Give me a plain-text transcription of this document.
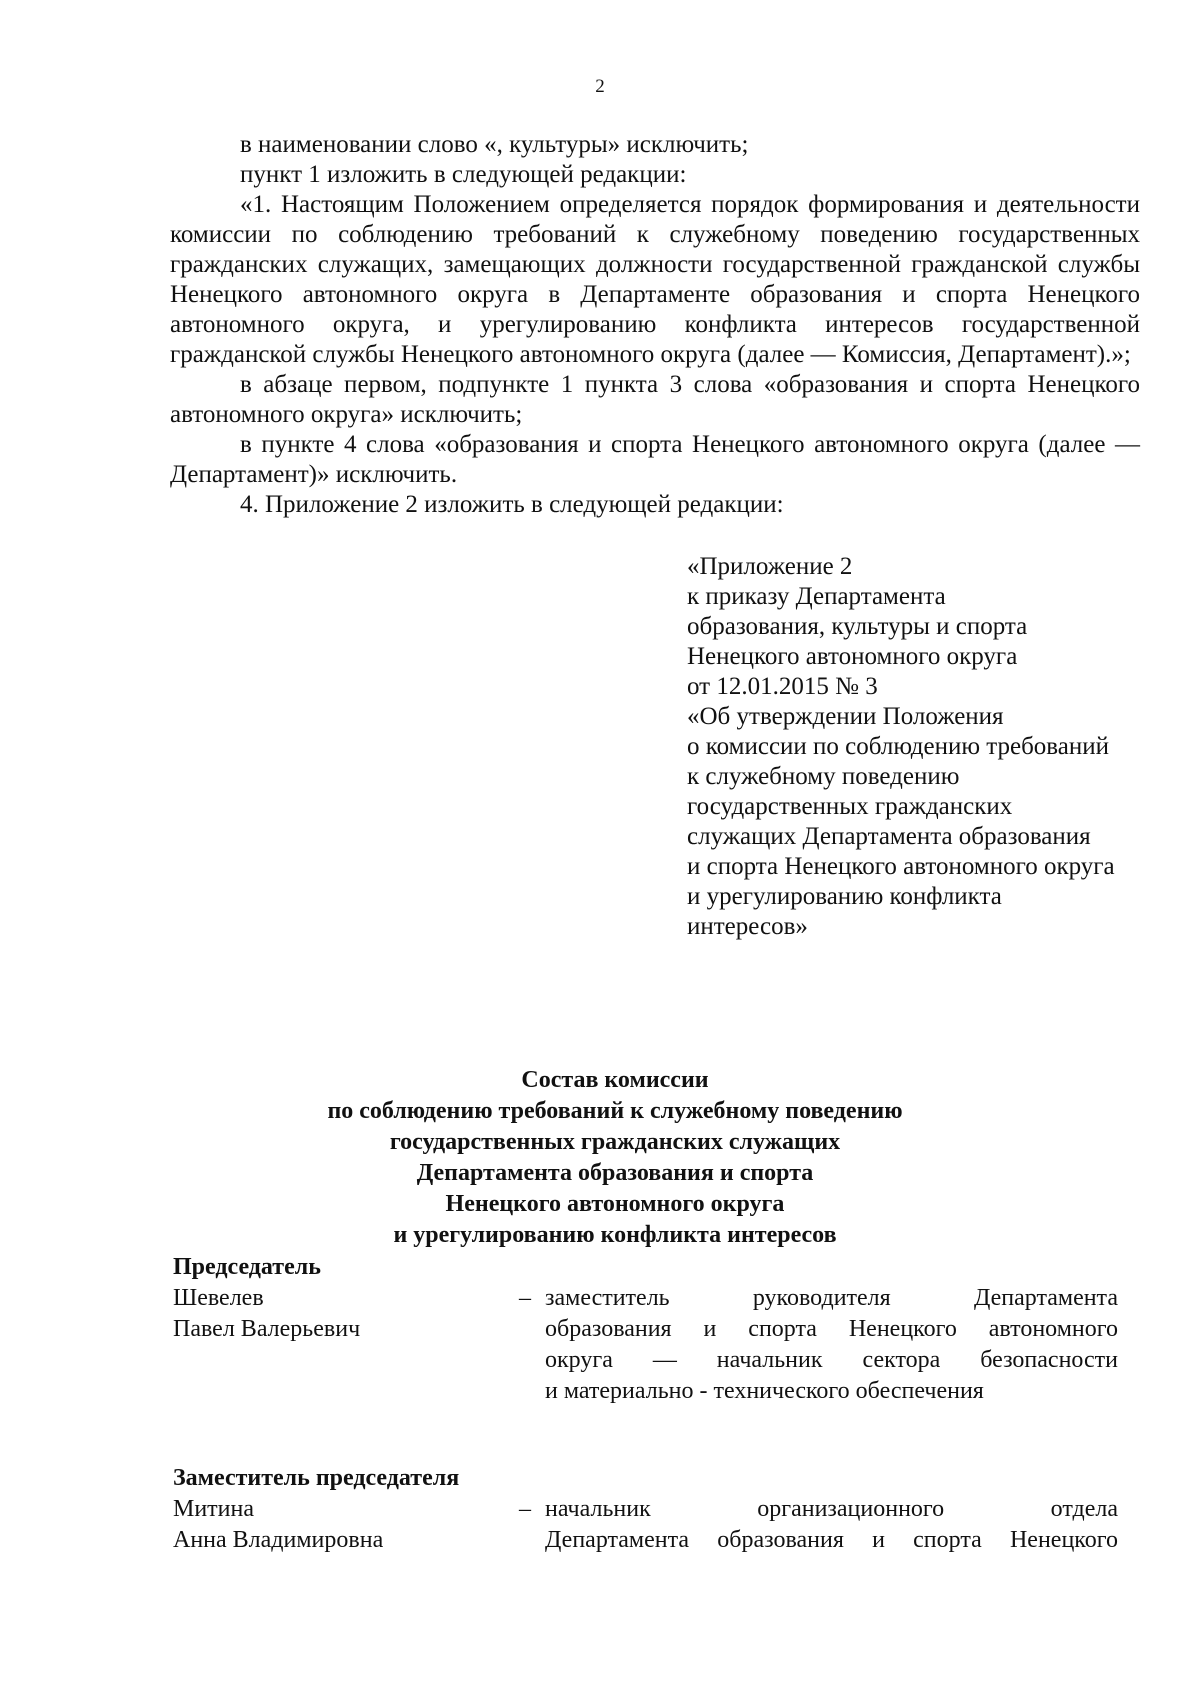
2

в наименовании слово «, культуры» исключить;

пункт 1 изложить в следующей редакции:

«1. Настоящим Положением определяется порядок формирования и деятельности комиссии по соблюдению требований к служебному поведению государственных гражданских служащих, замещающих должности государственной гражданской службы Ненецкого автономного округа в Департаменте образования и спорта Ненецкого автономного округа, и урегулированию конфликта интересов государственной гражданской службы Ненецкого автономного округа (далее — Комиссия, Департамент).»;

в абзаце первом, подпункте 1 пункта 3 слова «образования и спорта Ненецкого автономного округа» исключить;

в пункте 4 слова «образования и спорта Ненецкого автономного округа (далее — Департамент)» исключить.

4. Приложение 2 изложить в следующей редакции:

«Приложение 2
к приказу Департамента
образования, культуры и спорта
Ненецкого автономного округа
от 12.01.2015 № 3
«Об утверждении Положения
о комиссии по соблюдению требований
к служебному поведению
государственных гражданских
служащих Департамента образования
и спорта Ненецкого автономного округа
и урегулированию конфликта
интересов»
Состав комиссии
по соблюдению требований к служебному поведению
государственных гражданских служащих
Департамента образования и спорта
Ненецкого автономного округа
и урегулированию конфликта интересов
Председатель
Шевелев
Павел Валерьевич
– заместитель руководителя Департамента
образования и спорта Ненецкого автономного
округа — начальник сектора безопасности
и материально - технического обеспечения
Заместитель председателя
Митина
Анна Владимировна
– начальник организационного отдела
Департамента образования и спорта Ненецкого
